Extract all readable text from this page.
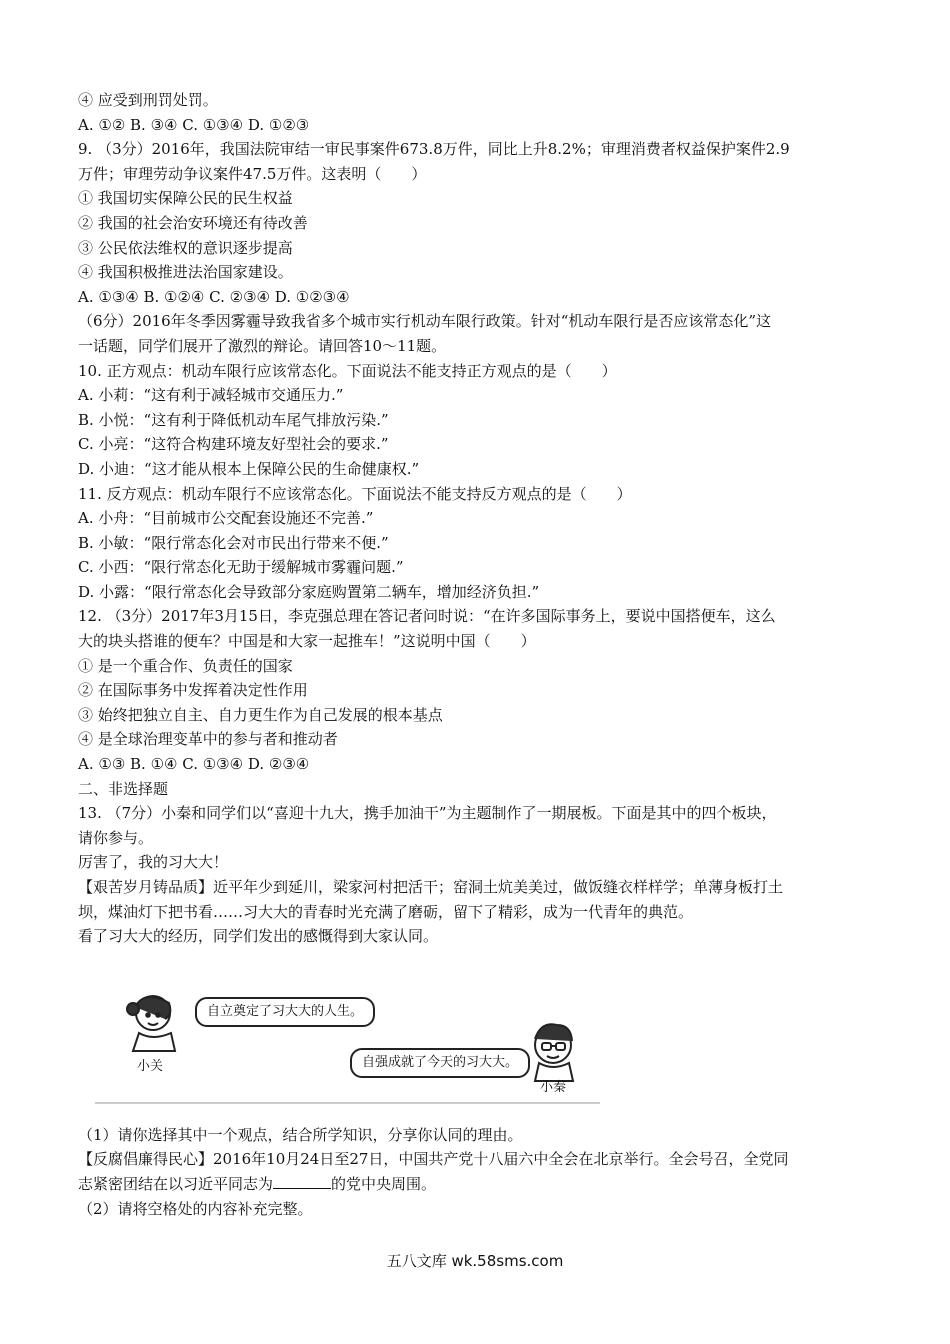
④ 应受到刑罚处罚。
A. ①② B. ③④ C. ①③④ D. ①②③
9. （3分）2016年，我国法院审结一审民事案件673.8万件，同比上升8.2%；审理消费者权益保护案件2.9
万件；审理劳动争议案件47.5万件。这表明（　　）
① 我国切实保障公民的民生权益
② 我国的社会治安环境还有待改善
③ 公民依法维权的意识逐步提高
④ 我国积极推进法治国家建设。
A. ①③④ B. ①②④ C. ②③④ D. ①②③④
（6分）2016年冬季因雾霾导致我省多个城市实行机动车限行政策。针对“机动车限行是否应该常态化”这
一话题，同学们展开了激烈的辩论。请回答10～11题。
10. 正方观点：机动车限行应该常态化。下面说法不能支持正方观点的是（　　）
A. 小莉：“这有利于减轻城市交通压力.”
B. 小悦：“这有利于降低机动车尾气排放污染.”
C. 小亮：“这符合构建环境友好型社会的要求.”
D. 小迪：“这才能从根本上保障公民的生命健康权.”
11. 反方观点：机动车限行不应该常态化。下面说法不能支持反方观点的是（　　）
A. 小舟：“目前城市公交配套设施还不完善.”
B. 小敏：“限行常态化会对市民出行带来不便.”
C. 小西：“限行常态化无助于缓解城市雾霾问题.”
D. 小露：“限行常态化会导致部分家庭购置第二辆车，增加经济负担.”
12. （3分）2017年3月15日，李克强总理在答记者问时说：“在许多国际事务上，要说中国搭便车，这么
大的块头搭谁的便车？中国是和大家一起推车！”这说明中国（　　）
① 是一个重合作、负责任的国家
② 在国际事务中发挥着决定性作用
③ 始终把独立自主、自力更生作为自己发展的根本基点
④ 是全球治理变革中的参与者和推动者
A. ①③ B. ①④ C. ①③④ D. ②③④
二、非选择题
13. （7分）小秦和同学们以“喜迎十九大，携手加油干”为主题制作了一期展板。下面是其中的四个板块，
请你参与。
厉害了，我的习大大！
【艰苦岁月铸品质】近平年少到延川，梁家河村把活干；窑洞土炕美美过，做饭缝衣样样学；单薄身板打土
坝，煤油灯下把书看……习大大的青春时光充满了磨砺，留下了精彩，成为一代青年的典范。
看了习大大的经历，同学们发出的感慨得到大家认同。
自立奠定了习大大的人生。
自强成就了今天的习大大。
小关
小秦
（1）请你选择其中一个观点，结合所学知识，分享你认同的理由。
【反腐倡廉得民心】2016年10月24日至27日，中国共产党十八届六中全会在北京举行。全会号召，全党同
志紧密团结在以习近平同志为	的党中央周围。
（2）请将空格处的内容补充完整。
五八文库 wk.58sms.com
